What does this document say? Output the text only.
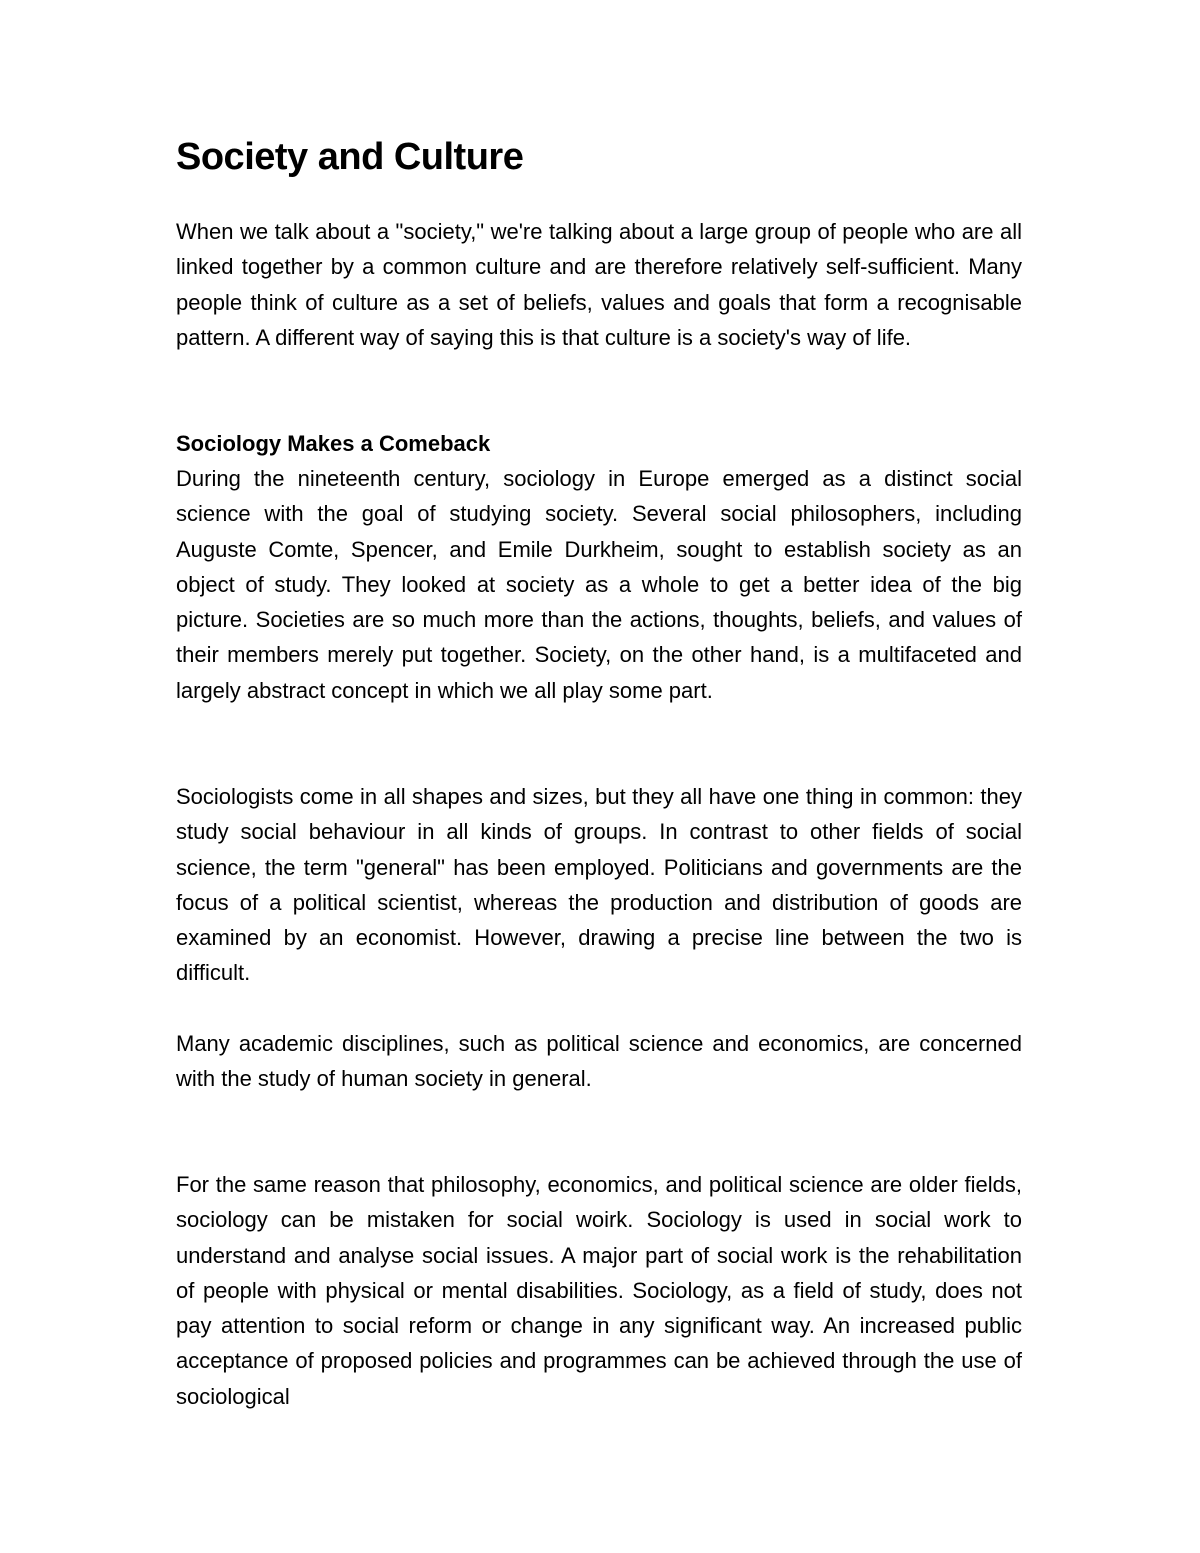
Society and Culture

When we talk about a "society," we're talking about a large group of people who are all linked together by a common culture and are therefore relatively self-sufficient. Many people think of culture as a set of beliefs, values and goals that form a recognisable pattern. A different way of saying this is that culture is a society's way of life.

Sociology Makes a Comeback

During the nineteenth century, sociology in Europe emerged as a distinct social science with the goal of studying society. Several social philosophers, including Auguste Comte, Spencer, and Emile Durkheim, sought to establish society as an object of study. They looked at society as a whole to get a better idea of the big picture. Societies are so much more than the actions, thoughts, beliefs, and values of their members merely put together. Society, on the other hand, is a multifaceted and largely abstract concept in which we all play some part.

Sociologists come in all shapes and sizes, but they all have one thing in common: they study social behaviour in all kinds of groups. In contrast to other fields of social science, the term "general" has been employed. Politicians and governments are the focus of a political scientist, whereas the production and distribution of goods are examined by an economist. However, drawing a precise line between the two is difficult.

Many academic disciplines, such as political science and economics, are concerned with the study of human society in general.

For the same reason that philosophy, economics, and political science are older fields, sociology can be mistaken for social woirk. Sociology is used in social work to understand and analyse social issues. A major part of social work is the rehabilitation of people with physical or mental disabilities. Sociology, as a field of study, does not pay attention to social reform or change in any significant way. An increased public acceptance of proposed policies and programmes can be achieved through the use of sociological
